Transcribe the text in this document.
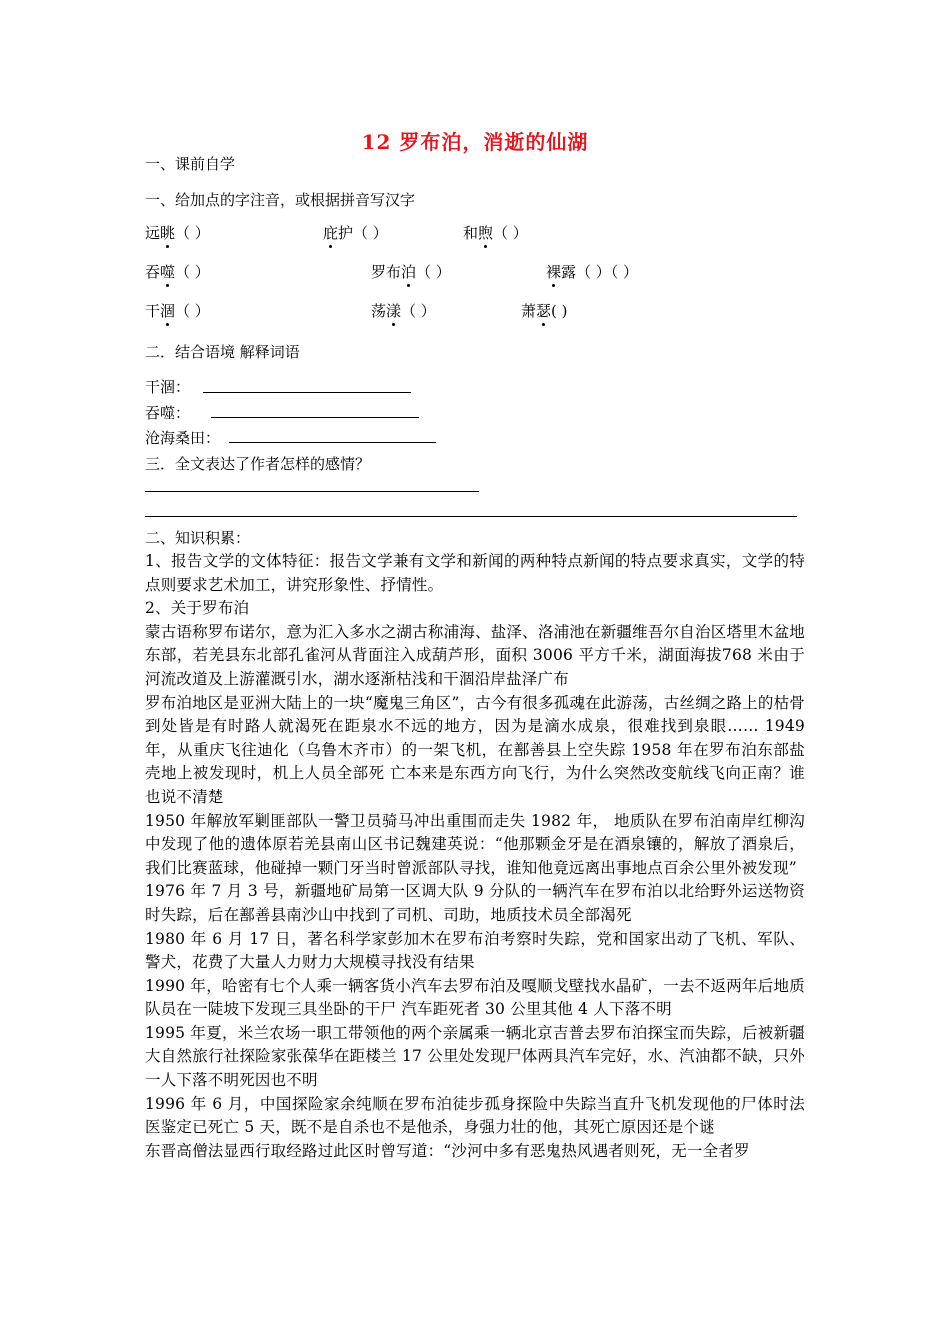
12 罗布泊，消逝的仙湖
一、课前自学
一、给加点的字注音，或根据拼音写汉字
远眺（ ）	庇护（ ）	和煦（ ）
吞噬（ ）	罗布泊（ ）	裸露（ ）（ ）
干涸（ ）	荡漾（ ）	萧瑟( )
二．结合语境 解释词语
干涸：
吞噬：
沧海桑田：
三．全文表达了作者怎样的感情？
二、知识积累：

1、报告文学的文体特征：报告文学兼有文学和新闻的两种特点新闻的特点要求真实，文学的特点则要求艺术加工，讲究形象性、抒情性。

2、关于罗布泊

蒙古语称罗布诺尔，意为汇入多水之湖古称浦海、盐泽、洛浦池在新疆维吾尔自治区塔里木盆地东部，若羌县东北部孔雀河从背面注入成葫芦形，面积 3006 平方千米，湖面海拔768 米由于河流改道及上游灌溉引水，湖水逐渐枯浅和干涸沿岸盐泽广布

罗布泊地区是亚洲大陆上的一块“魔鬼三角区”，古今有很多孤魂在此游荡，古丝绸之路上的枯骨到处皆是有时路人就渴死在距泉水不远的地方，因为是滴水成泉，很难找到泉眼…… 1949 年，从重庆飞往迪化（乌鲁木齐市）的一架飞机，在鄯善县上空失踪 1958 年在罗布泊东部盐壳地上被发现时，机上人员全部死 亡本来是东西方向飞行，为什么突然改变航线飞向正南？谁也说不清楚

1950 年解放军剿匪部队一警卫员骑马冲出重围而走失 1982 年， 地质队在罗布泊南岸红柳沟中发现了他的遗体原若羌县南山区书记魏建英说：“他那颗金牙是在酒泉镶的，解放了酒泉后，我们比赛蓝球，他碰掉一颗门牙当时曾派部队寻找，谁知他竟远离出事地点百余公里外被发现”

1976 年 7 月 3 号，新疆地矿局第一区调大队 9 分队的一辆汽车在罗布泊以北给野外运送物资时失踪，后在鄯善县南沙山中找到了司机、司助，地质技术员全部渴死

1980 年 6 月 17 日，著名科学家彭加木在罗布泊考察时失踪，党和国家出动了飞机、军队、警犬，花费了大量人力财力大规模寻找没有结果

1990 年，哈密有七个人乘一辆客货小汽车去罗布泊及嘎顺戈壁找水晶矿，一去不返两年后地质队员在一陡坡下发现三具坐卧的干尸 汽车距死者 30 公里其他 4 人下落不明

1995 年夏，米兰农场一职工带领他的两个亲属乘一辆北京吉普去罗布泊探宝而失踪，后被新疆大自然旅行社探险家张葆华在距楼兰 17 公里处发现尸体两具汽车完好，水、汽油都不缺，只外一人下落不明死因也不明

1996 年 6 月，中国探险家余纯顺在罗布泊徒步孤身探险中失踪当直升飞机发现他的尸体时法医鉴定已死亡 5 天，既不是自杀也不是他杀，身强力壮的他，其死亡原因还是个谜

东晋高僧法显西行取经路过此区时曾写道：“沙河中多有恶鬼热风遇者则死，无一全者罗
